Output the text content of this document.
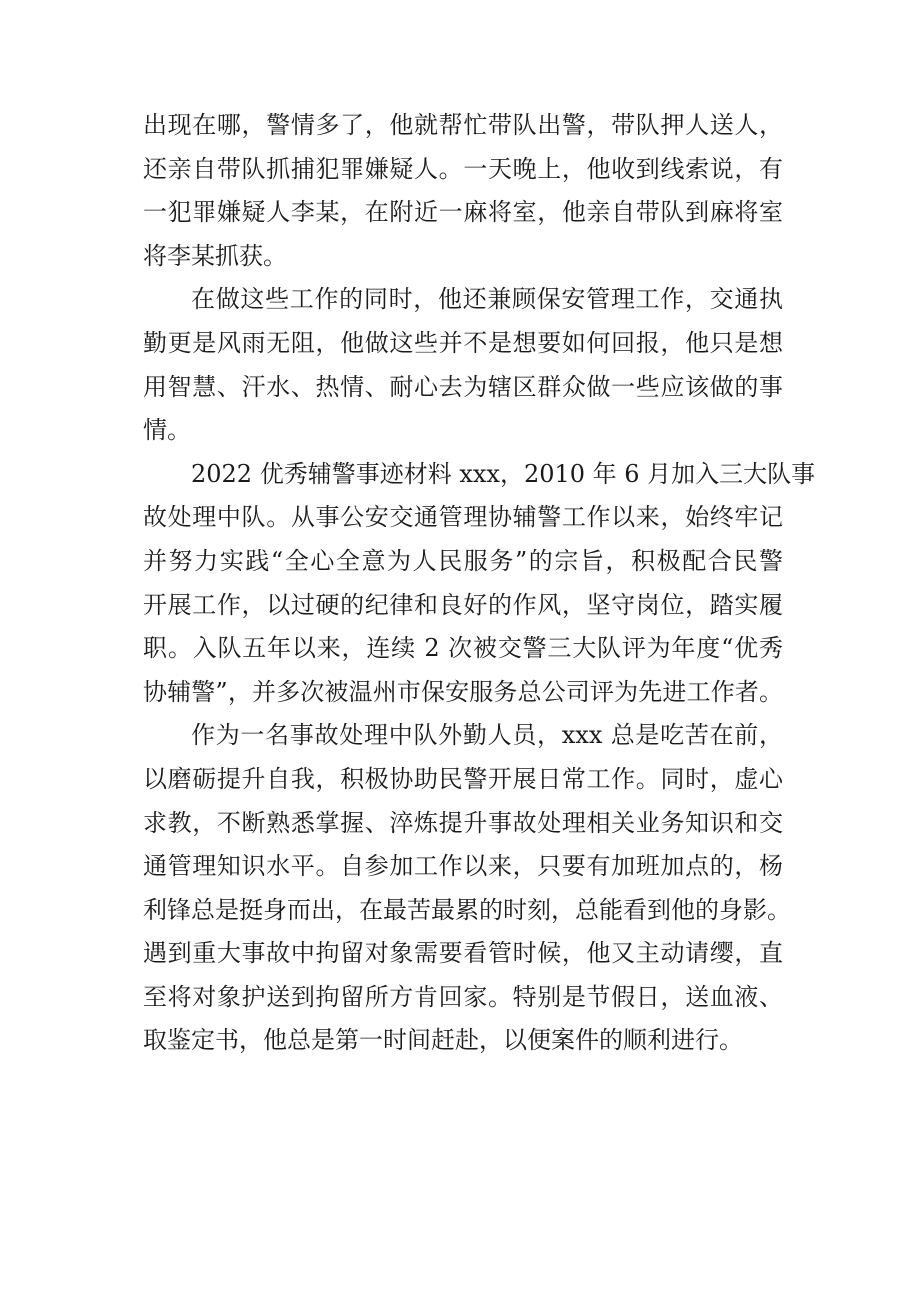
出现在哪，警情多了，他就帮忙带队出警，带队押人送人，
还亲自带队抓捕犯罪嫌疑人。一天晚上，他收到线索说，有
一犯罪嫌疑人李某，在附近一麻将室，他亲自带队到麻将室
将李某抓获。
在做这些工作的同时，他还兼顾保安管理工作，交通执
勤更是风雨无阻，他做这些并不是想要如何回报，他只是想
用智慧、汗水、热情、耐心去为辖区群众做一些应该做的事
情。
2022 优秀辅警事迹材料 xxx，2010 年 6 月加入三大队事
故处理中队。从事公安交通管理协辅警工作以来，始终牢记
并努力实践“全心全意为人民服务”的宗旨，积极配合民警
开展工作，以过硬的纪律和良好的作风，坚守岗位，踏实履
职。入队五年以来，连续 2 次被交警三大队评为年度“优秀
协辅警”，并多次被温州市保安服务总公司评为先进工作者。
作为一名事故处理中队外勤人员，xxx 总是吃苦在前，
以磨砺提升自我，积极协助民警开展日常工作。同时，虚心
求教，不断熟悉掌握、淬炼提升事故处理相关业务知识和交
通管理知识水平。自参加工作以来，只要有加班加点的，杨
利锋总是挺身而出，在最苦最累的时刻，总能看到他的身影。
遇到重大事故中拘留对象需要看管时候，他又主动请缨，直
至将对象护送到拘留所方肯回家。特别是节假日，送血液、
取鉴定书，他总是第一时间赶赴，以便案件的顺利进行。
